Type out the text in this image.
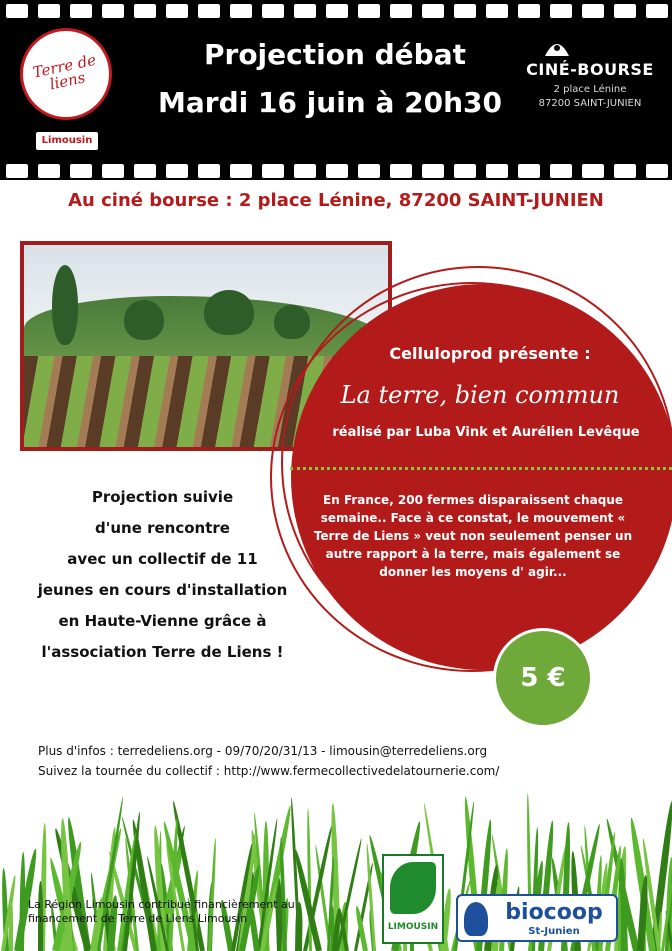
Terre de liens
Limousin
Projection débat
Mardi 16 juin à 20h30
CINÉ-BOURSE
2 place Lénine
87200 SAINT-JUNIEN
Au ciné bourse : 2 place Lénine, 87200 SAINT-JUNIEN
Celluloprod présente :
La terre, bien commun
réalisé par Luba Vink et Aurélien Levêque
En France, 200 fermes disparaissent chaque semaine.. Face à ce constat, le mouvement « Terre de Liens » veut non seulement penser un autre rapport à la terre, mais également se donner les moyens d' agir...
5 €
Projection suivie
d'une rencontre
avec un collectif de 11
jeunes en cours d'installation
en Haute-Vienne grâce à
l'association Terre de Liens !
Plus d'infos : terredeliens.org - 09/70/20/31/13 - limousin@terredeliens.org
Suivez la tournée du collectif : http://www.fermecollectivedelatournerie.com/
La Région Limousin contribue financièrement au financement de Terre de Liens Limousin
LIMOUSIN
biocoop
St-Junien
